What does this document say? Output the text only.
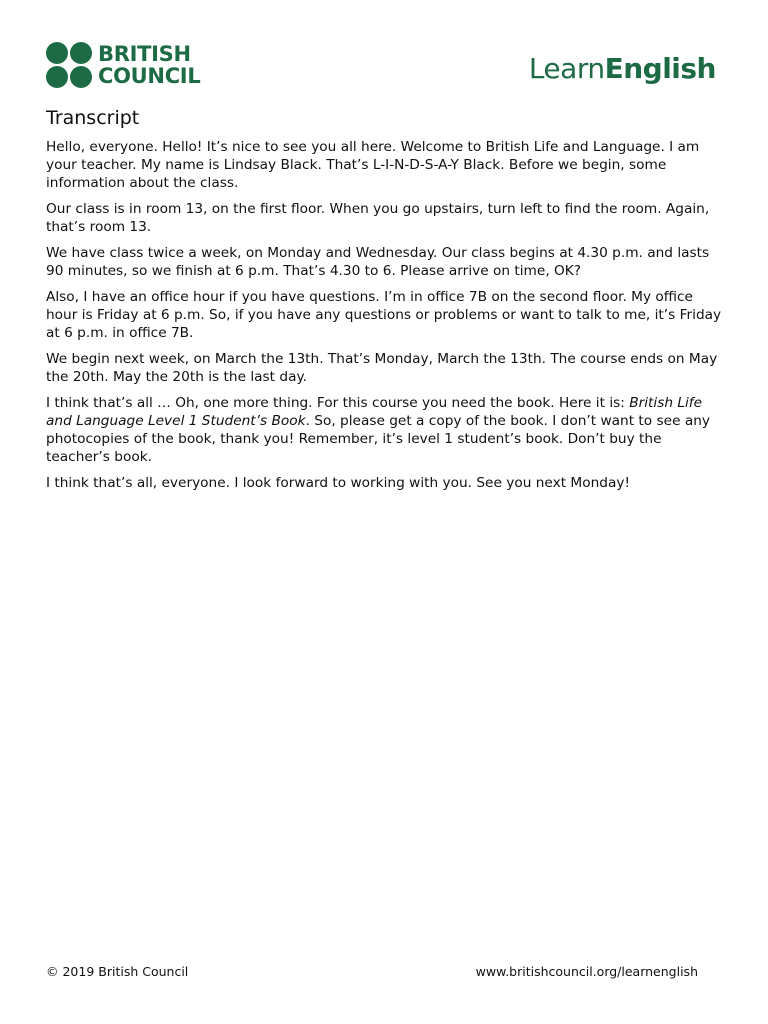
BRITISH
COUNCIL	LearnEnglish
Transcript

Hello, everyone. Hello! It’s nice to see you all here. Welcome to British Life and Language. I am your teacher. My name is Lindsay Black. That’s L-I-N-D-S-A-Y Black. Before we begin, some information about the class.

Our class is in room 13, on the first floor. When you go upstairs, turn left to find the room. Again, that’s room 13.

We have class twice a week, on Monday and Wednesday. Our class begins at 4.30 p.m. and lasts 90 minutes, so we finish at 6 p.m. That’s 4.30 to 6. Please arrive on time, OK?

Also, I have an office hour if you have questions. I’m in office 7B on the second floor. My office hour is Friday at 6 p.m. So, if you have any questions or problems or want to talk to me, it’s Friday at 6 p.m. in office 7B.

We begin next week, on March the 13th. That’s Monday, March the 13th. The course ends on May the 20th. May the 20th is the last day.

I think that’s all … Oh, one more thing. For this course you need the book. Here it is: British Life and Language Level 1 Student’s Book. So, please get a copy of the book. I don’t want to see any photocopies of the book, thank you! Remember, it’s level 1 student’s book. Don’t buy the teacher’s book.

I think that’s all, everyone. I look forward to working with you. See you next Monday!

© 2019 British Council	www.britishcouncil.org/learnenglish
